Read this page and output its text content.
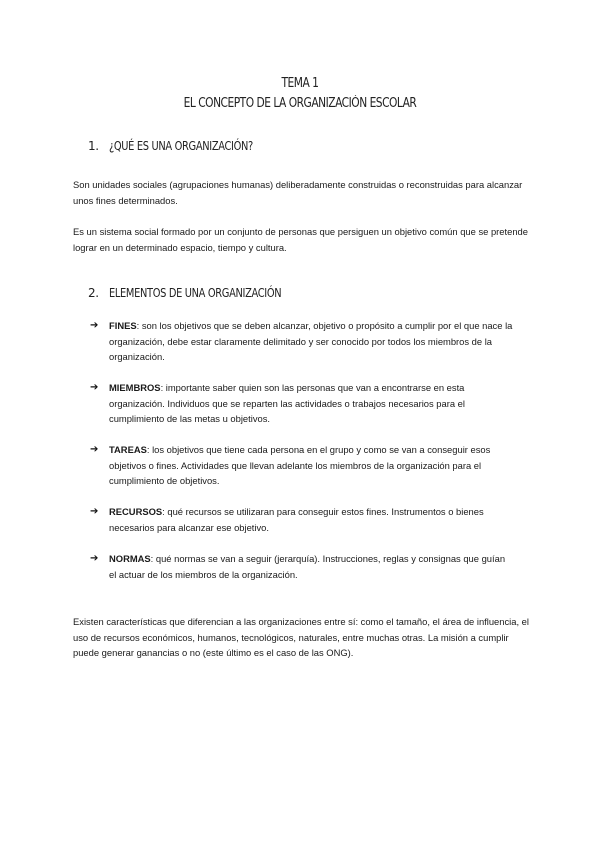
TEMA 1
EL CONCEPTO DE LA ORGANIZACIÓN ESCOLAR
1. ¿QUÉ ES UNA ORGANIZACIÓN?

Son unidades sociales (agrupaciones humanas) deliberadamente construidas o reconstruidas para alcanzar unos fines determinados.

Es un sistema social formado por un conjunto de personas que persiguen un objetivo común que se pretende lograr en un determinado espacio, tiempo y cultura.

2. ELEMENTOS DE UNA ORGANIZACIÓN
➔ FINES: son los objetivos que se deben alcanzar, objetivo o propósito a cumplir por el que nace la organización, debe estar claramente delimitado y ser conocido por todos los miembros de la organización.
➔ MIEMBROS: importante saber quien son las personas que van a encontrarse en esta organización. Individuos que se reparten las actividades o trabajos necesarios para el cumplimiento de las metas u objetivos.
➔ TAREAS: los objetivos que tiene cada persona en el grupo y como se van a conseguir esos objetivos o fines. Actividades que llevan adelante los miembros de la organización para el cumplimiento de objetivos.
➔ RECURSOS: qué recursos se utilizaran para conseguir estos fines. Instrumentos o bienes necesarios para alcanzar ese objetivo.
➔ NORMAS: qué normas se van a seguir (jerarquía). Instrucciones, reglas y consignas que guían el actuar de los miembros de la organización.

Existen características que diferencian a las organizaciones entre sí: como el tamaño, el área de influencia, el uso de recursos económicos, humanos, tecnológicos, naturales, entre muchas otras. La misión a cumplir puede generar ganancias o no (este último es el caso de las ONG).
